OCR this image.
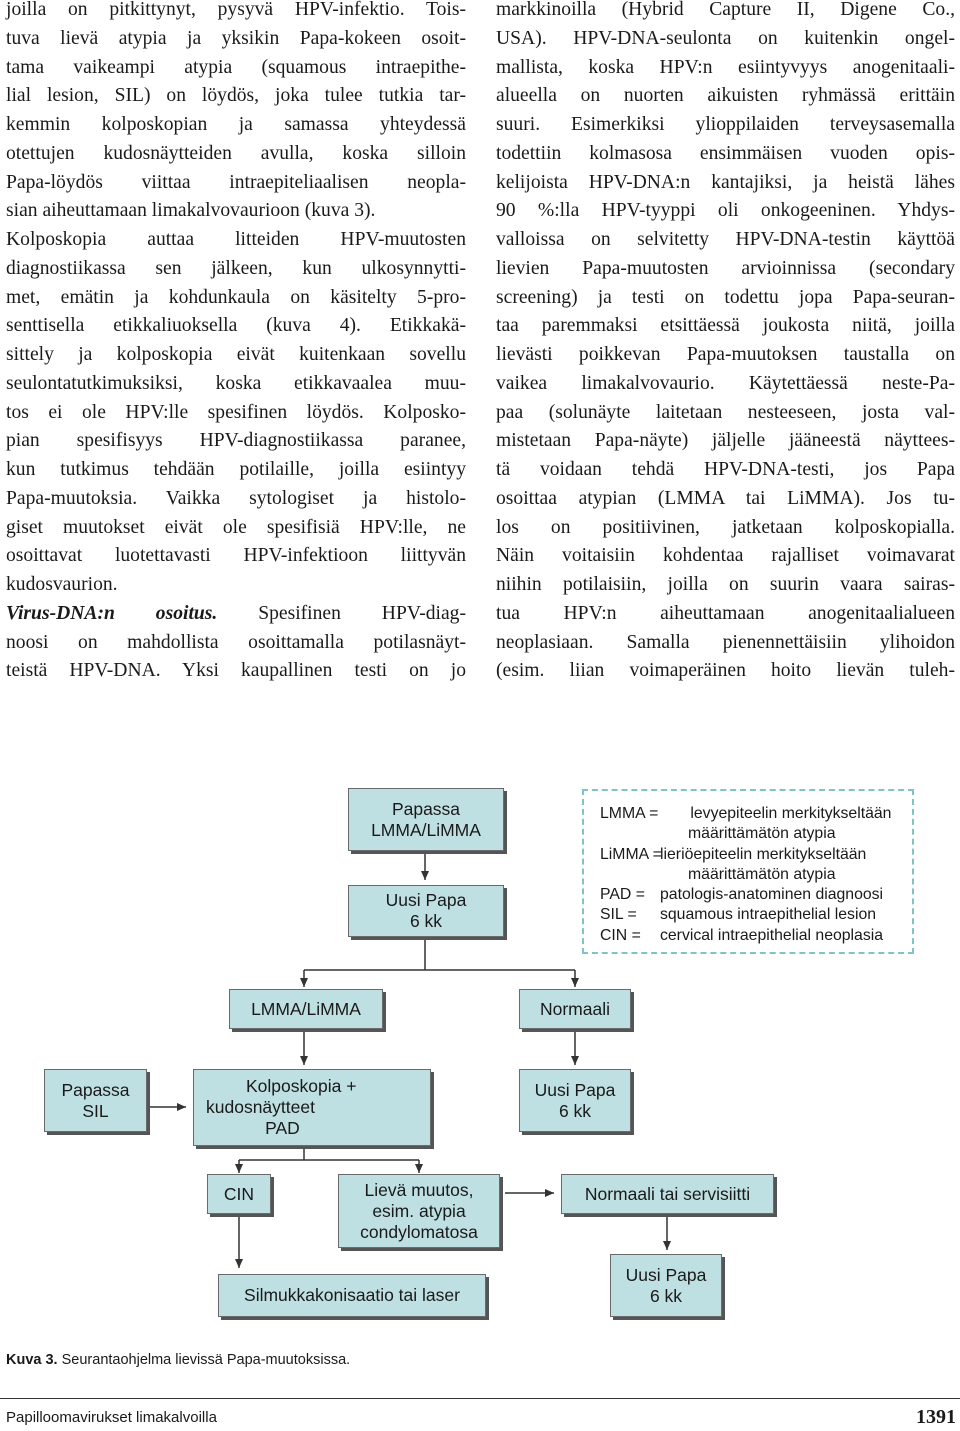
joilla on pitkittynyt, pysyvä HPV-infektio. Tois-
tuva lievä atypia ja yksikin Papa-kokeen osoit-
tama vaikeampi atypia (squamous intraepithe-
lial lesion, SIL) on löydös, joka tulee tutkia tar-
kemmin kolposkopian ja samassa yhteydessä
otettujen kudosnäytteiden avulla, koska silloin
Papa-löydös viittaa intraepiteliaalisen neopla-
sian aiheuttamaan limakalvovaurioon (kuva 3).
Kolposkopia auttaa litteiden HPV-muutosten
diagnostiikassa sen jälkeen, kun ulkosynnytti-
met, emätin ja kohdunkaula on käsitelty 5-pro-
senttisella etikkaliuoksella (kuva 4). Etikkakä-
sittely ja kolposkopia eivät kuitenkaan sovellu
seulontatutkimuksiksi, koska etikkavaalea muu-
tos ei ole HPV:lle spesifinen löydös. Kolposko-
pian spesifisyys HPV-diagnostiikassa paranee,
kun tutkimus tehdään potilaille, joilla esiintyy
Papa-muutoksia. Vaikka sytologiset ja histolo-
giset muutokset eivät ole spesifisiä HPV:lle, ne
osoittavat luotettavasti HPV-infektioon liittyvän
kudosvaurion.
Virus-DNA:n osoitus. Spesifinen HPV-diag-
noosi on mahdollista osoittamalla potilasnäyt-
teistä HPV-DNA. Yksi kaupallinen testi on jo
markkinoilla (Hybrid Capture II, Digene Co.,
USA). HPV-DNA-seulonta on kuitenkin ongel-
mallista, koska HPV:n esiintyvyys anogenitaali-
alueella on nuorten aikuisten ryhmässä erittäin
suuri. Esimerkiksi ylioppilaiden terveysasemalla
todettiin kolmasosa ensimmäisen vuoden opis-
kelijoista HPV-DNA:n kantajiksi, ja heistä lähes
90 %:lla HPV-tyyppi oli onkogeeninen. Yhdys-
valloissa on selvitetty HPV-DNA-testin käyttöä
lievien Papa-muutosten arvioinnissa (secondary
screening) ja testi on todettu jopa Papa-seuran-
taa paremmaksi etsittäessä joukosta niitä, joilla
lievästi poikkevan Papa-muutoksen taustalla on
vaikea limakalvovaurio. Käytettäessä neste-Pa-
paa (solunäyte laitetaan nesteeseen, josta val-
mistetaan Papa-näyte) jäljelle jääneestä näyttees-
tä voidaan tehdä HPV-DNA-testi, jos Papa
osoittaa atypian (LMMA tai LiMMA). Jos tu-
los on positiivinen, jatketaan kolposkopialla.
Näin voitaisiin kohdentaa rajalliset voimavarat
niihin potilaisiin, joilla on suurin vaara sairas-
tua HPV:n aiheuttamaan anogenitaalialueen
neoplasiaan. Samalla pienennettäisiin ylihoidon
(esim. liian voimaperäinen hoito lievän tuleh-
Papassa
LMMA/LiMMA
Uusi Papa
6 kk
LMMA = levyepiteelin merkitykseltään
määrittämätön atypia
LiMMA =lieriöepiteelin merkitykseltään
määrittämätön atypia
PAD = patologis-anatominen diagnoosi
SIL = squamous intraepithelial lesion
CIN = cervical intraepithelial neoplasia
LMMA/LiMMA	Normaali
Papassa
SIL
Kolposkopia +
kudosnäytteet
PAD
Uusi Papa
6 kk
CIN	Lievä muutos,
esim. atypia
condylomatosa
Normaali tai servisiitti
Silmukkakonisaatio tai laser
Uusi Papa
6 kk
Kuva 3. Seurantaohjelma lievissä Papa-muutoksissa.
Papilloomavirukset limakalvoilla	1391
